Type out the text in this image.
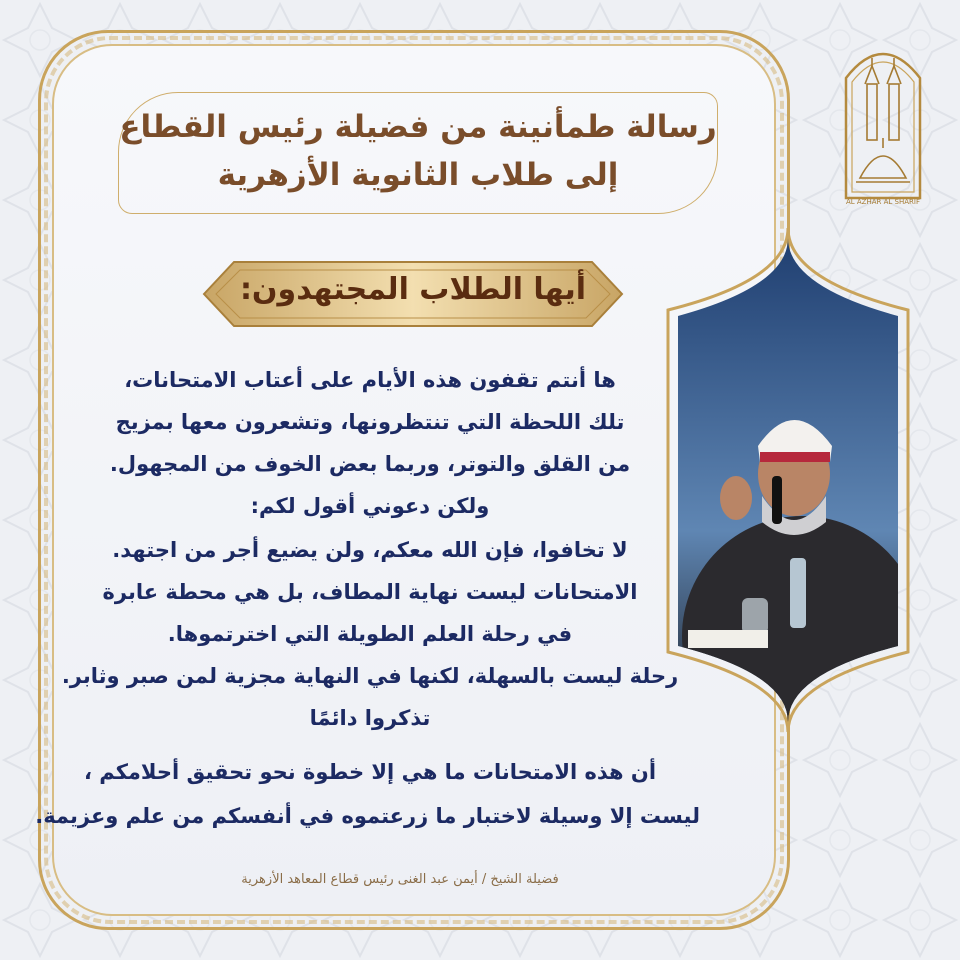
AL AZHAR AL SHARIF
رسالة طمأنينة من فضيلة رئيس القطاع
إلى طلاب الثانوية الأزهرية
أيها الطلاب المجتهدون:
ها أنتم تقفون هذه الأيام على أعتاب الامتحانات،
تلك اللحظة التي تنتظرونها، وتشعرون معها بمزيج
من القلق والتوتر، وربما بعض الخوف من المجهول.
ولكن دعوني أقول لكم:
لا تخافوا، فإن الله معكم، ولن يضيع أجر من اجتهد.
الامتحانات ليست نهاية المطاف، بل هي محطة عابرة
في رحلة العلم الطويلة التي اخترتموها.
رحلة ليست بالسهلة، لكنها في النهاية مجزية لمن صبر وثابر.
تذكروا دائمًا
أن هذه الامتحانات ما هي إلا خطوة نحو تحقيق أحلامكم ،
ليست إلا وسيلة لاختبار ما زرعتموه في أنفسكم من علم وعزيمة.
فضيلة الشيخ / أيمن عبد الغنى رئيس قطاع المعاهد الأزهرية
